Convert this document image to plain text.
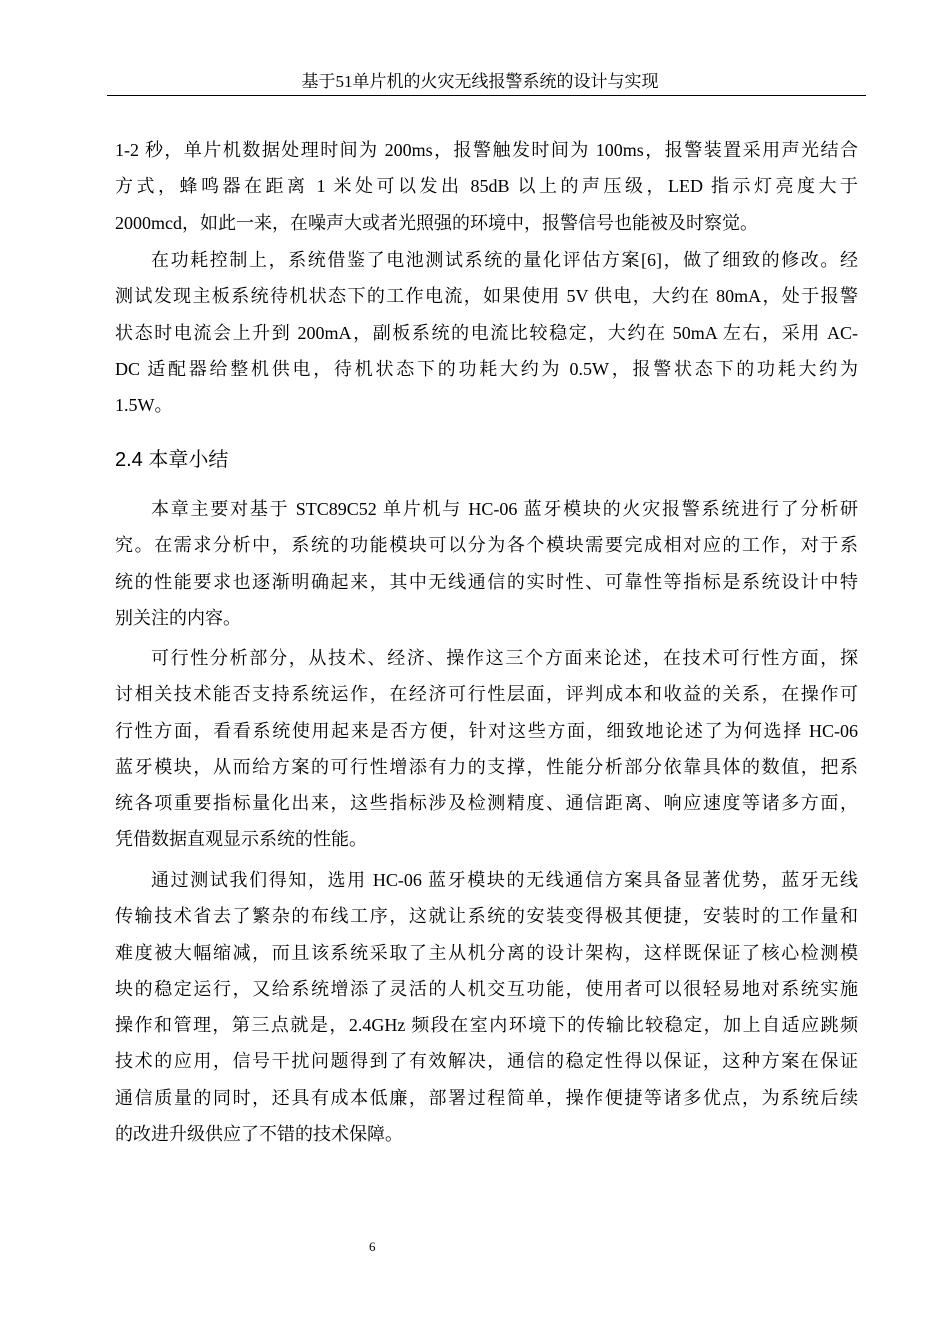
基于51单片机的火灾无线报警系统的设计与实现
1-2 秒，单片机数据处理时间为 200ms，报警触发时间为 100ms，报警装置采用声光结合
方式，蜂鸣器在距离 1 米处可以发出 85dB 以上的声压级，LED 指示灯亮度大于
2000mcd，如此一来，在噪声大或者光照强的环境中，报警信号也能被及时察觉。
在功耗控制上，系统借鉴了电池测试系统的量化评估方案[6]，做了细致的修改。经
测试发现主板系统待机状态下的工作电流，如果使用 5V 供电，大约在 80mA，处于报警
状态时电流会上升到 200mA，副板系统的电流比较稳定，大约在 50mA 左右，采用 AC-
DC 适配器给整机供电，待机状态下的功耗大约为 0.5W，报警状态下的功耗大约为
1.5W。
2.4 本章小结
本章主要对基于 STC89C52 单片机与 HC-06 蓝牙模块的火灾报警系统进行了分析研
究。在需求分析中，系统的功能模块可以分为各个模块需要完成相对应的工作，对于系
统的性能要求也逐渐明确起来，其中无线通信的实时性、可靠性等指标是系统设计中特
别关注的内容。
可行性分析部分，从技术、经济、操作这三个方面来论述，在技术可行性方面，探
讨相关技术能否支持系统运作，在经济可行性层面，评判成本和收益的关系，在操作可
行性方面，看看系统使用起来是否方便，针对这些方面，细致地论述了为何选择 HC-06
蓝牙模块，从而给方案的可行性增添有力的支撑，性能分析部分依靠具体的数值，把系
统各项重要指标量化出来，这些指标涉及检测精度、通信距离、响应速度等诸多方面，
凭借数据直观显示系统的性能。
通过测试我们得知，选用 HC-06 蓝牙模块的无线通信方案具备显著优势，蓝牙无线
传输技术省去了繁杂的布线工序，这就让系统的安装变得极其便捷，安装时的工作量和
难度被大幅缩减，而且该系统采取了主从机分离的设计架构，这样既保证了核心检测模
块的稳定运行，又给系统增添了灵活的人机交互功能，使用者可以很轻易地对系统实施
操作和管理，第三点就是，2.4GHz 频段在室内环境下的传输比较稳定，加上自适应跳频
技术的应用，信号干扰问题得到了有效解决，通信的稳定性得以保证，这种方案在保证
通信质量的同时，还具有成本低廉，部署过程简单，操作便捷等诸多优点，为系统后续
的改进升级供应了不错的技术保障。
6
